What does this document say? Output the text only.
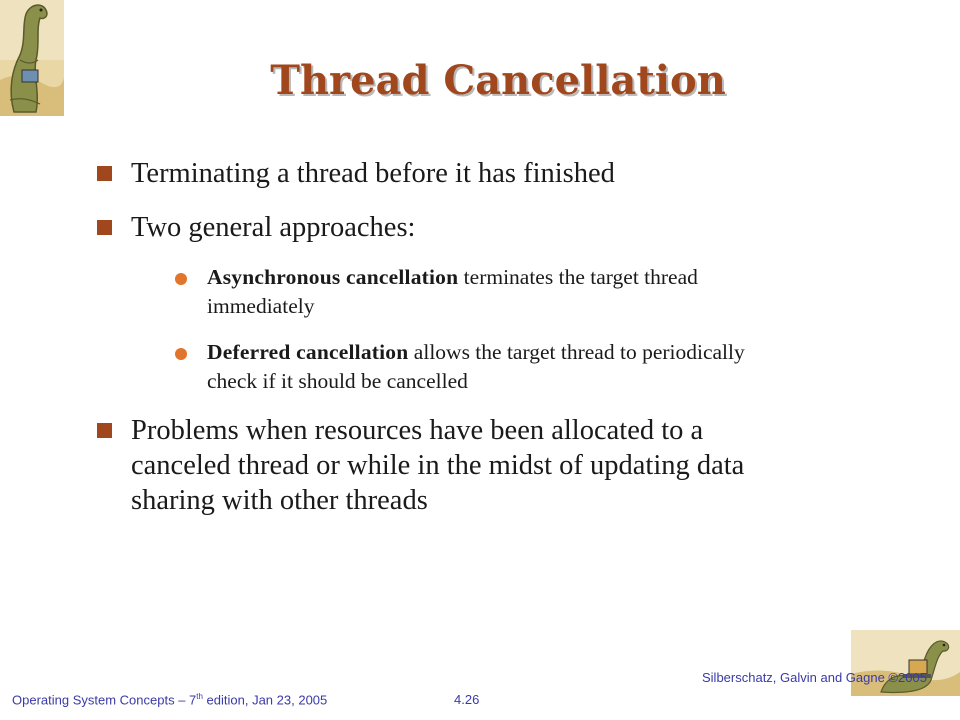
Thread Cancellation
Terminating a thread before it has finished
Two general approaches:
Asynchronous cancellation terminates the target thread immediately
Deferred cancellation allows the target thread to periodically check if it should be cancelled
Problems when resources have been allocated to a canceled thread or while in the midst of updating data sharing with other threads
Operating System Concepts – 7th edition, Jan 23, 2005	4.26
Silberschatz, Galvin and Gagne ©2005
